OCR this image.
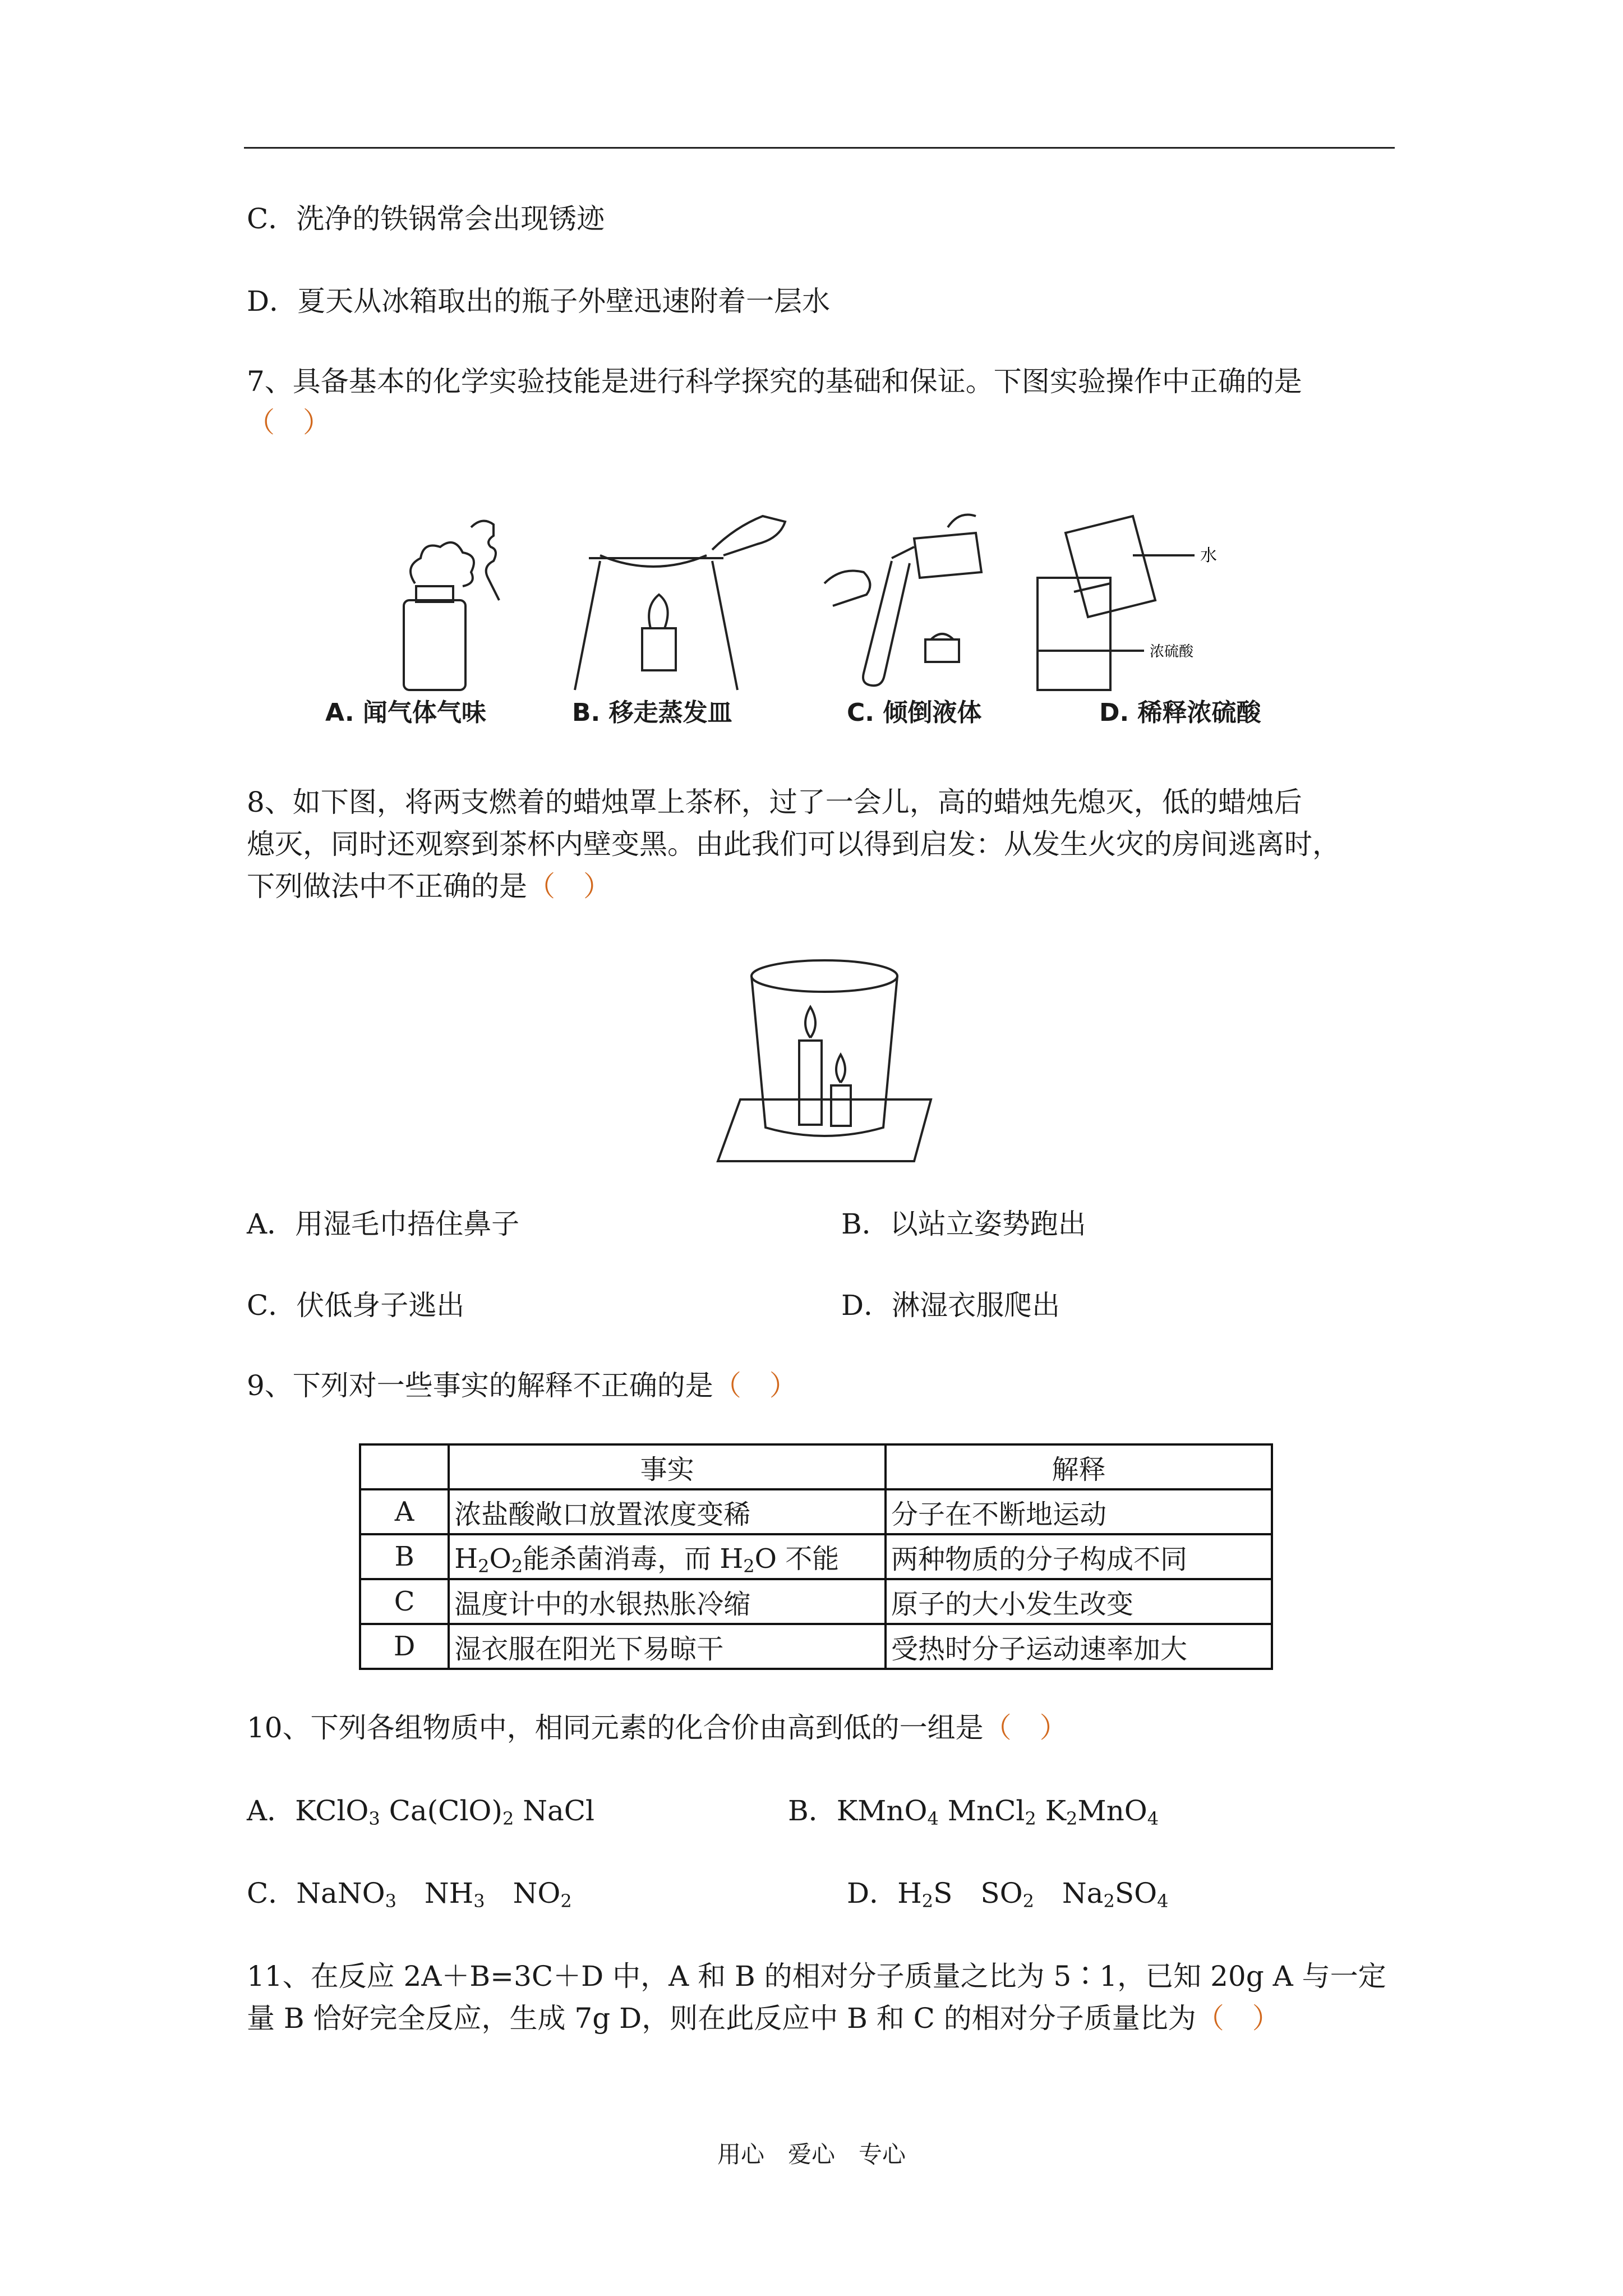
C．洗净的铁锅常会出现锈迹
D．夏天从冰箱取出的瓶子外壁迅速附着一层水
7、具备基本的化学实验技能是进行科学探究的基础和保证。下图实验操作中正确的是
（　）
水
浓硫酸
A. 闻气体气味	B. 移走蒸发皿	C. 倾倒液体	D. 稀释浓硫酸
8、如下图，将两支燃着的蜡烛罩上茶杯，过了一会儿，高的蜡烛先熄灭，低的蜡烛后
熄灭，同时还观察到茶杯内壁变黑。由此我们可以得到启发：从发生火灾的房间逃离时，
下列做法中不正确的是（　）
A．用湿毛巾捂住鼻子	B．以站立姿势跑出
C．伏低身子逃出	D．淋湿衣服爬出
9、下列对一些事实的解释不正确的是（　）
	事实	解释
A	浓盐酸敞口放置浓度变稀	分子在不断地运动
B	$H_2O_2$能杀菌消毒，而 $H_2O$ 不能	两种物质的分子构成不同
C	温度计中的水银热胀冷缩	原子的大小发生改变
D	湿衣服在阳光下易晾干	受热时分子运动速率加大
10、下列各组物质中，相同元素的化合价由高到低的一组是（　）
A．KClO$_3$ $Ca(ClO)_2$ NaCl	B．KMnO$_4$ MnCl$_2$ $K_2MnO_4$
C．NaNO$_3$　$NH_3$　$NO_2$	D．$H_2S$　$SO_2$　$Na_2SO_4$
11、在反应 2A＋B=3C＋D 中，A 和 B 的相对分子质量之比为 5∶1，已知 20g A 与一定
量 B 恰好完全反应，生成 7g D，则在此反应中 B 和 C 的相对分子质量比为（　）
用心　爱心　专心
